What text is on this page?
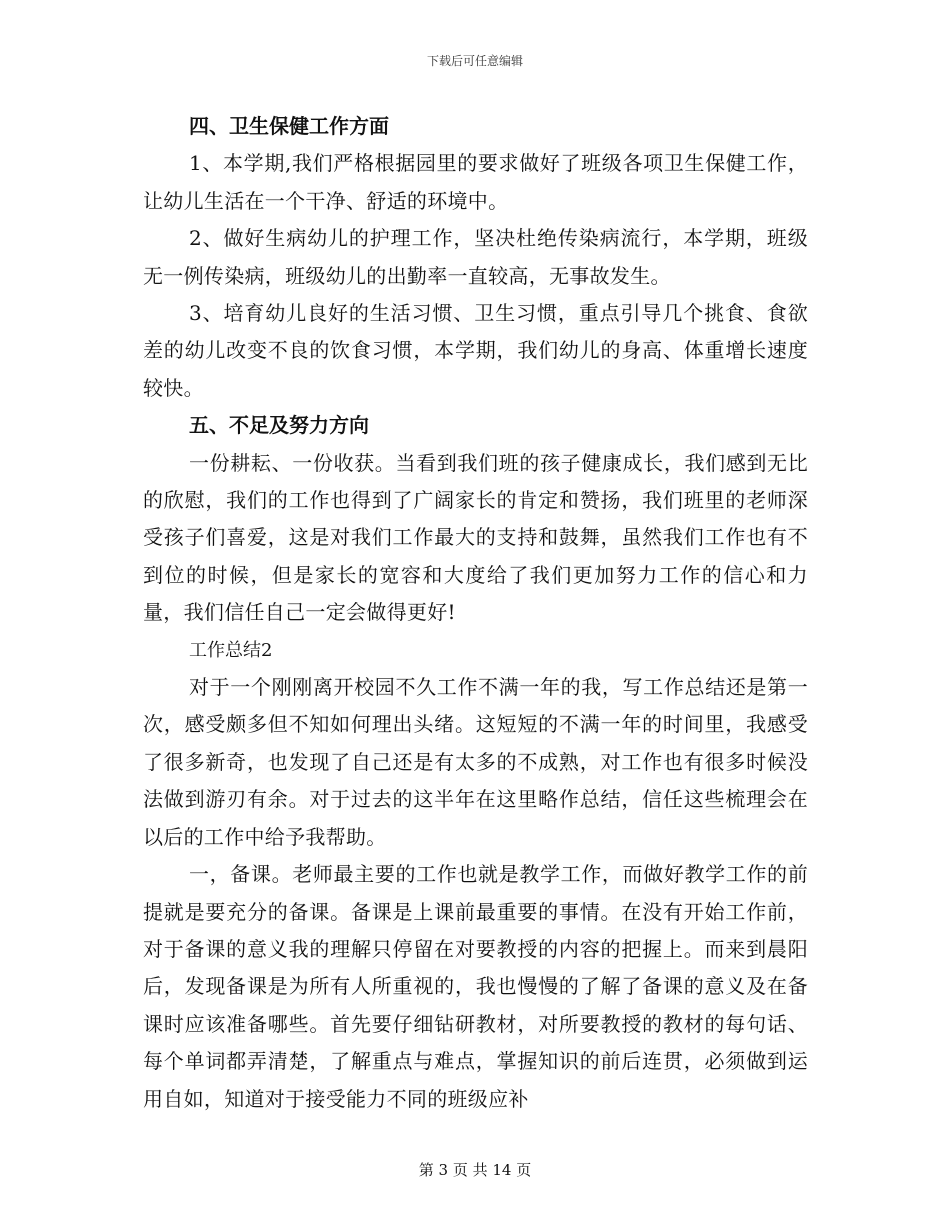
下载后可任意编辑

四、卫生保健工作方面

1、本学期,我们严格根据园里的要求做好了班级各项卫生保健工作，让幼儿生活在一个干净、舒适的环境中。

2、做好生病幼儿的护理工作，坚决杜绝传染病流行，本学期，班级无一例传染病，班级幼儿的出勤率一直较高，无事故发生。

3、培育幼儿良好的生活习惯、卫生习惯，重点引导几个挑食、食欲差的幼儿改变不良的饮食习惯，本学期，我们幼儿的身高、体重增长速度较快。

五、不足及努力方向

一份耕耘、一份收获。当看到我们班的孩子健康成长，我们感到无比的欣慰，我们的工作也得到了广阔家长的肯定和赞扬，我们班里的老师深受孩子们喜爱，这是对我们工作最大的支持和鼓舞，虽然我们工作也有不到位的时候，但是家长的宽容和大度给了我们更加努力工作的信心和力量，我们信任自己一定会做得更好!

工作总结2

对于一个刚刚离开校园不久工作不满一年的我，写工作总结还是第一次，感受颇多但不知如何理出头绪。这短短的不满一年的时间里，我感受了很多新奇，也发现了自己还是有太多的不成熟，对工作也有很多时候没法做到游刃有余。对于过去的这半年在这里略作总结，信任这些梳理会在以后的工作中给予我帮助。

一，备课。老师最主要的工作也就是教学工作，而做好教学工作的前提就是要充分的备课。备课是上课前最重要的事情。在没有开始工作前，对于备课的意义我的理解只停留在对要教授的内容的把握上。而来到晨阳后，发现备课是为所有人所重视的，我也慢慢的了解了备课的意义及在备课时应该准备哪些。首先要仔细钻研教材，对所要教授的教材的每句话、每个单词都弄清楚，了解重点与难点，掌握知识的前后连贯，必须做到运用自如，知道对于接受能力不同的班级应补

第 3 页 共 14 页
